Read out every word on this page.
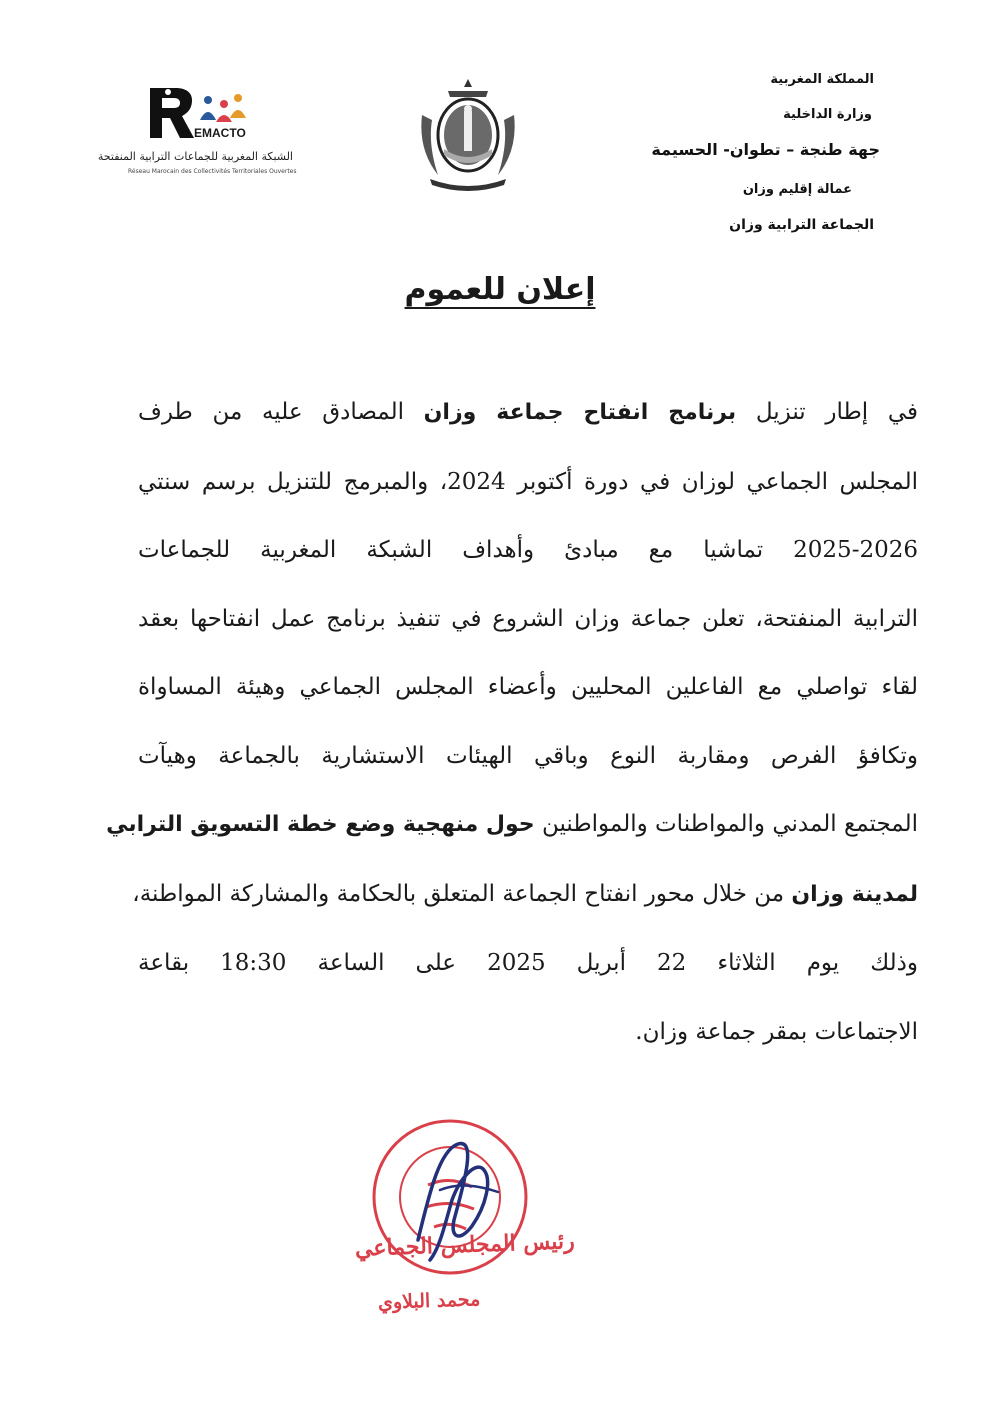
EMACTO
الشبكة المغربية للجماعات الترابية المنفتحة
Réseau Marocain des Collectivités Territoriales Ouvertes
المملكة المغربية
وزارة الداخلية
جهة طنجة – تطوان- الحسيمة
عمالة إقليم وزان
الجماعة الترابية وزان
إعلان للعموم
في إطار تنزيل برنامج انفتاح جماعة وزان المصادق عليه من طرف
المجلس الجماعي لوزان في دورة أكتوبر 2024، والمبرمج للتنزيل برسم سنتي
2025-2026 تماشيا مع مبادئ وأهداف الشبكة المغربية للجماعات
الترابية المنفتحة، تعلن جماعة وزان الشروع في تنفيذ برنامج عمل انفتاحها بعقد
لقاء تواصلي مع الفاعلين المحليين وأعضاء المجلس الجماعي وهيئة المساواة
وتكافؤ الفرص ومقاربة النوع وباقي الهيئات الاستشارية بالجماعة وهيآت
المجتمع المدني والمواطنات والمواطنين حول منهجية وضع خطة التسويق الترابي
لمدينة وزان من خلال محور انفتاح الجماعة المتعلق بالحكامة والمشاركة المواطنة،
وذلك يوم الثلاثاء 22 أبريل 2025 على الساعة 18:30 بقاعة
الاجتماعات بمقر جماعة وزان.
رئيس المجلس الجماعي
محمد البلاوي
